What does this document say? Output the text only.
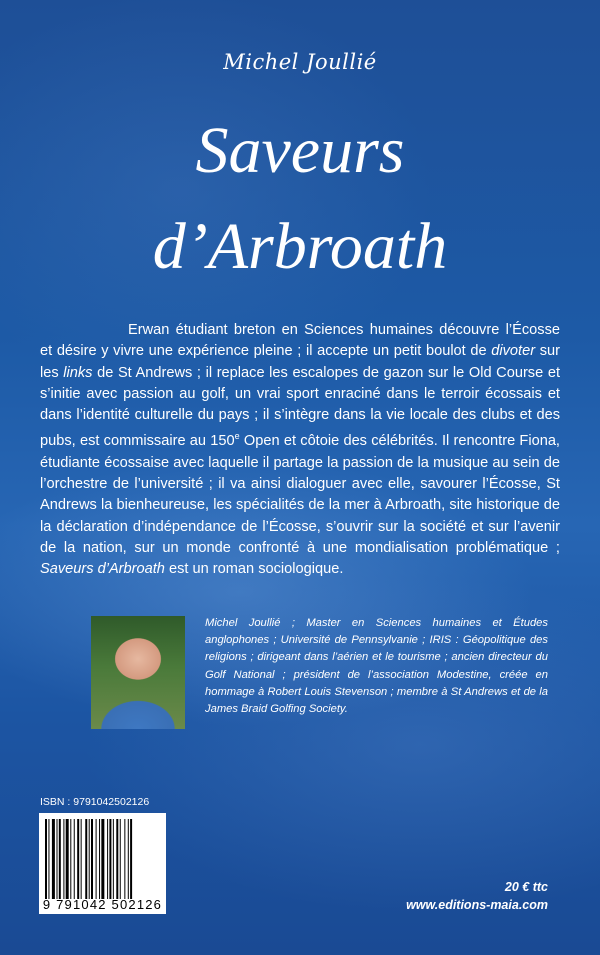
Michel Joullié
Saveurs
d’Arbroath

Erwan étudiant breton en Sciences humaines découvre l’Écosse et désire y vivre une expérience pleine ; il accepte un petit boulot de divoter sur les links de St Andrews ; il replace les escalopes de gazon sur le Old Course et s’initie avec passion au golf, un vrai sport enraciné dans le terroir écossais et dans l’identité culturelle du pays ; il s’intègre dans la vie locale des clubs et des pubs, est commissaire au 150e Open et côtoie des célébrités. Il rencontre Fiona, étudiante écossaise avec laquelle il partage la passion de la musique au sein de l’orchestre de l’université ; il va ainsi dialoguer avec elle, savourer l’Écosse, St Andrews la bienheureuse, les spécialités de la mer à Arbroath, site historique de la déclaration d’indépendance de l’Écosse, s’ouvrir sur la société et sur l’avenir de la nation, sur un monde confronté à une mondialisation problématique ; Saveurs d’Arbroath est un roman sociologique.

Michel Joullié ; Master en Sciences humaines et Études anglophones ; Université de Pennsylvanie ; IRIS : Géopolitique des religions ; dirigeant dans l’aérien et le tourisme ; ancien directeur du Golf National ; président de l’association Modestine, créée en hommage à Robert Louis Stevenson ; membre à St Andrews et de la James Braid Golfing Society.
ISBN : 9791042502126
9 791042 502126
20 € ttc
www.editions-maia.com
